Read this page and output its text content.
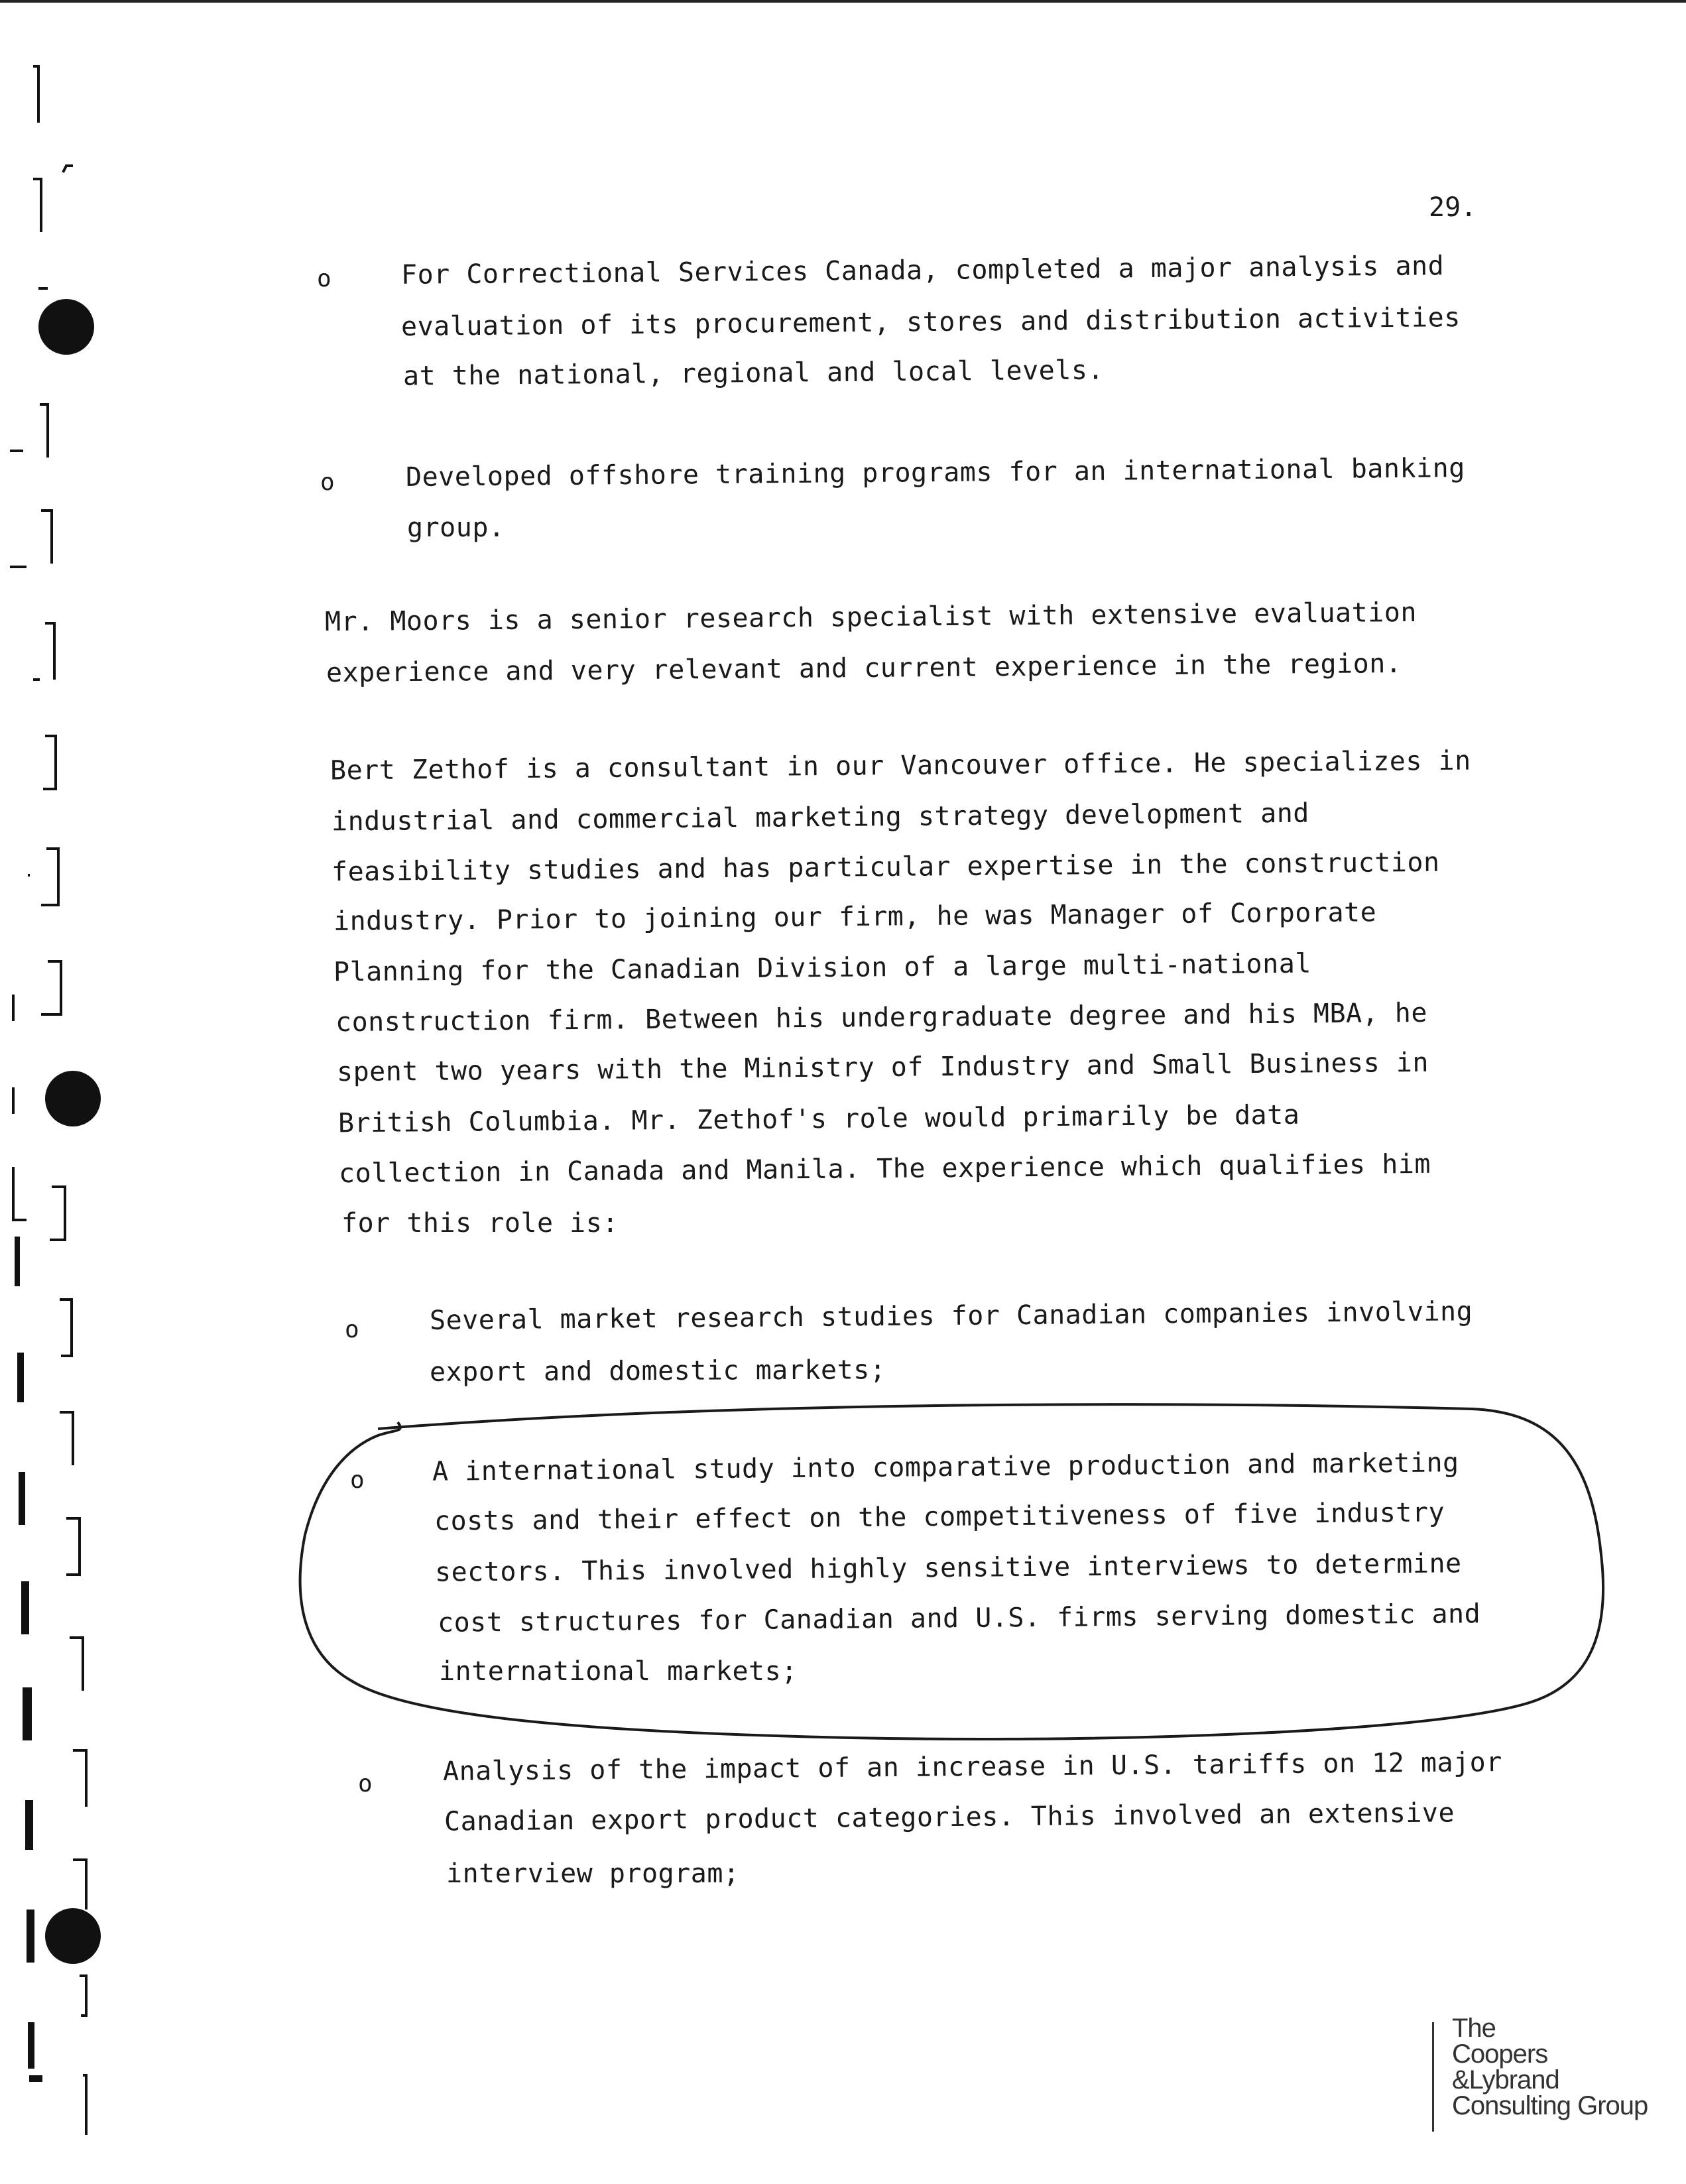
29.
o	For Correctional Services Canada, completed a major analysis and
evaluation of its procurement, stores and distribution activities
at the national, regional and local levels.
o	Developed offshore training programs for an international banking
group.
Mr. Moors is a senior research specialist with extensive evaluation
experience and very relevant and current experience in the region.
Bert Zethof is a consultant in our Vancouver office. He specializes in
industrial and commercial marketing strategy development and
feasibility studies and has particular expertise in the construction
industry. Prior to joining our firm, he was Manager of Corporate
Planning for the Canadian Division of a large multi-national
construction firm. Between his undergraduate degree and his MBA, he
spent two years with the Ministry of Industry and Small Business in
British Columbia. Mr. Zethof's role would primarily be data
collection in Canada and Manila. The experience which qualifies him
for this role is:
o	Several market research studies for Canadian companies involving
export and domestic markets;
o	A international study into comparative production and marketing
costs and their effect on the competitiveness of five industry
sectors. This involved highly sensitive interviews to determine
cost structures for Canadian and U.S. firms serving domestic and
international markets;
o	Analysis of the impact of an increase in U.S. tariffs on 12 major
Canadian export product categories. This involved an extensive
interview program;
The
Coopers
&Lybrand
Consulting Group
